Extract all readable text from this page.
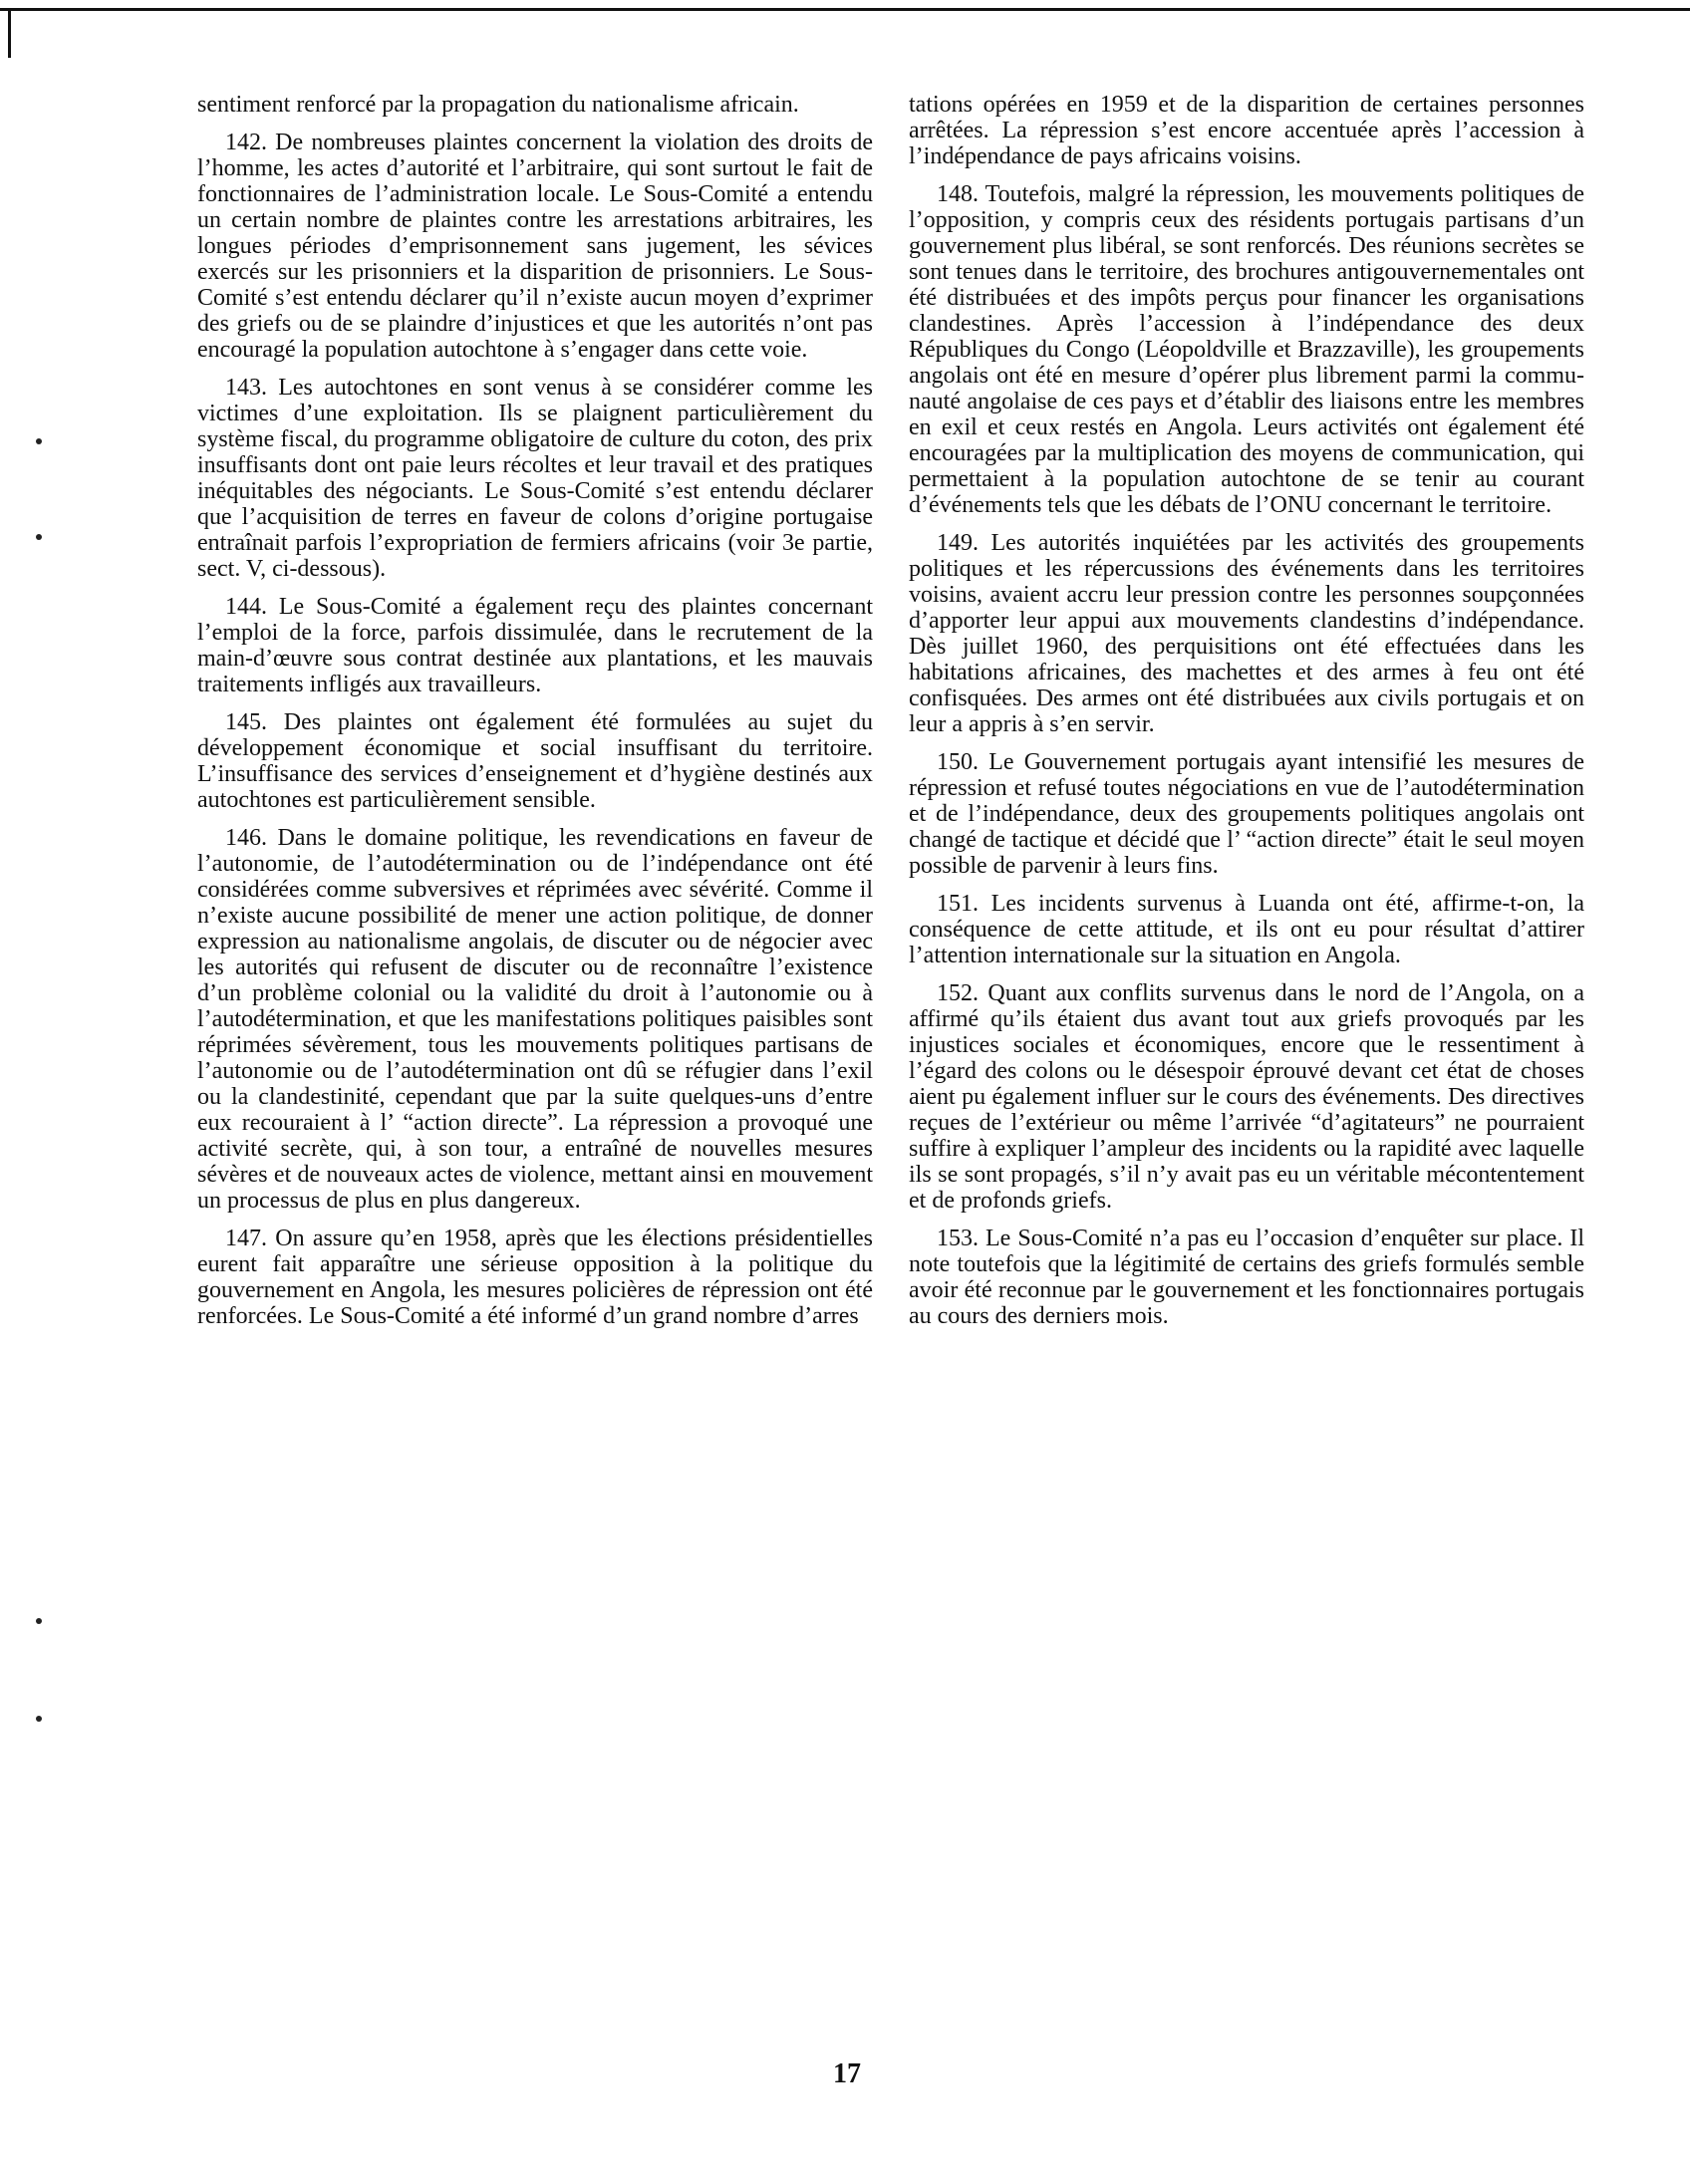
sentiment renforcé par la propagation du nationalisme africain.

142. De nombreuses plaintes concernent la violation des droits de l’homme, les actes d’autorité et l’arbitraire, qui sont surtout le fait de fonctionnaires de l’administration locale. Le Sous-Comité a entendu un certain nombre de plaintes contre les arrestations arbitraires, les longues périodes d’emprisonnement sans jugement, les sévices exercés sur les prisonniers et la disparition de prisonniers. Le Sous-Comité s’est entendu déclarer qu’il n’existe aucun moyen d’exprimer des griefs ou de se plaindre d’injustices et que les autorités n’ont pas encouragé la population autochtone à s’engager dans cette voie.

143. Les autochtones en sont venus à se considérer comme les victimes d’une exploitation. Ils se plaignent particulièrement du système fiscal, du programme obligatoire de culture du coton, des prix insuffisants dont ont paie leurs récoltes et leur travail et des pratiques inéquitables des négociants. Le Sous-Comité s’est entendu déclarer que l’acquisition de terres en faveur de colons d’origine portugaise entraînait parfois l’expropriation de fermiers africains (voir 3e partie, sect. V, ci-dessous).

144. Le Sous-Comité a également reçu des plaintes concernant l’emploi de la force, parfois dissimulée, dans le recrutement de la main-d’œuvre sous contrat destinée aux plantations, et les mauvais traitements infligés aux travailleurs.

145. Des plaintes ont également été formulées au sujet du développement économique et social insuffisant du territoire. L’insuffisance des services d’enseignement et d’hygiène destinés aux autochtones est particulièrement sensible.

146. Dans le domaine politique, les revendications en faveur de l’autonomie, de l’autodétermination ou de l’indépendance ont été considérées comme subversives et réprimées avec sévérité. Comme il n’existe aucune possibilité de mener une action politique, de donner expression au nationalisme angolais, de discuter ou de négocier avec les autorités qui refusent de discuter ou de reconnaître l’existence d’un problème colonial ou la validité du droit à l’autonomie ou à l’autodétermination, et que les manifestations politiques paisibles sont réprimées sévèrement, tous les mouvements politiques partisans de l’autonomie ou de l’autodétermination ont dû se réfugier dans l’exil ou la clandestinité, cependant que par la suite quelques-uns d’entre eux recouraient à l’ “action directe”. La répression a provoqué une activité secrète, qui, à son tour, a entraîné de nouvelles mesures sévères et de nouveaux actes de violence, mettant ainsi en mouvement un processus de plus en plus dangereux.

147. On assure qu’en 1958, après que les élections présidentielles eurent fait apparaître une sérieuse opposition à la politique du gouvernement en Angola, les mesures policières de répression ont été renforcées. Le Sous-Comité a été informé d’un grand nombre d’arres

tations opérées en 1959 et de la disparition de certaines personnes arrêtées. La répression s’est encore accentuée après l’accession à l’indépendance de pays africains voisins.

148. Toutefois, malgré la répression, les mouvements politiques de l’opposition, y compris ceux des résidents portugais partisans d’un gouvernement plus libéral, se sont renforcés. Des réunions secrètes se sont tenues dans le territoire, des brochures antigouvernementales ont été distribuées et des impôts perçus pour financer les organisations clandestines. Après l’accession à l’indépendance des deux Républiques du Congo (Léopoldville et Brazzaville), les groupements angolais ont été en mesure d’opérer plus librement parmi la communauté angolaise de ces pays et d’établir des liaisons entre les membres en exil et ceux restés en Angola. Leurs activités ont également été encouragées par la multiplication des moyens de communication, qui permettaient à la population autochtone de se tenir au courant d’événements tels que les débats de l’ONU concernant le territoire.

149. Les autorités inquiétées par les activités des groupements politiques et les répercussions des événements dans les territoires voisins, avaient accru leur pression contre les personnes soupçonnées d’apporter leur appui aux mouvements clandestins d’indépendance. Dès juillet 1960, des perquisitions ont été effectuées dans les habitations africaines, des machettes et des armes à feu ont été confisquées. Des armes ont été distribuées aux civils portugais et on leur a appris à s’en servir.

150. Le Gouvernement portugais ayant intensifié les mesures de répression et refusé toutes négociations en vue de l’autodétermination et de l’indépendance, deux des groupements politiques angolais ont changé de tactique et décidé que l’ “action directe” était le seul moyen possible de parvenir à leurs fins.

151. Les incidents survenus à Luanda ont été, affirme-t-on, la conséquence de cette attitude, et ils ont eu pour résultat d’attirer l’attention internationale sur la situation en Angola.

152. Quant aux conflits survenus dans le nord de l’Angola, on a affirmé qu’ils étaient dus avant tout aux griefs provoqués par les injustices sociales et économiques, encore que le ressentiment à l’égard des colons ou le désespoir éprouvé devant cet état de choses aient pu également influer sur le cours des événements. Des directives reçues de l’extérieur ou même l’arrivée “d’agitateurs” ne pourraient suffire à expliquer l’ampleur des incidents ou la rapidité avec laquelle ils se sont propagés, s’il n’y avait pas eu un véritable mécontentement et de profonds griefs.

153. Le Sous-Comité n’a pas eu l’occasion d’enquêter sur place. Il note toutefois que la légitimité de certains des griefs formulés semble avoir été reconnue par le gouvernement et les fonctionnaires portugais au cours des derniers mois.

17
